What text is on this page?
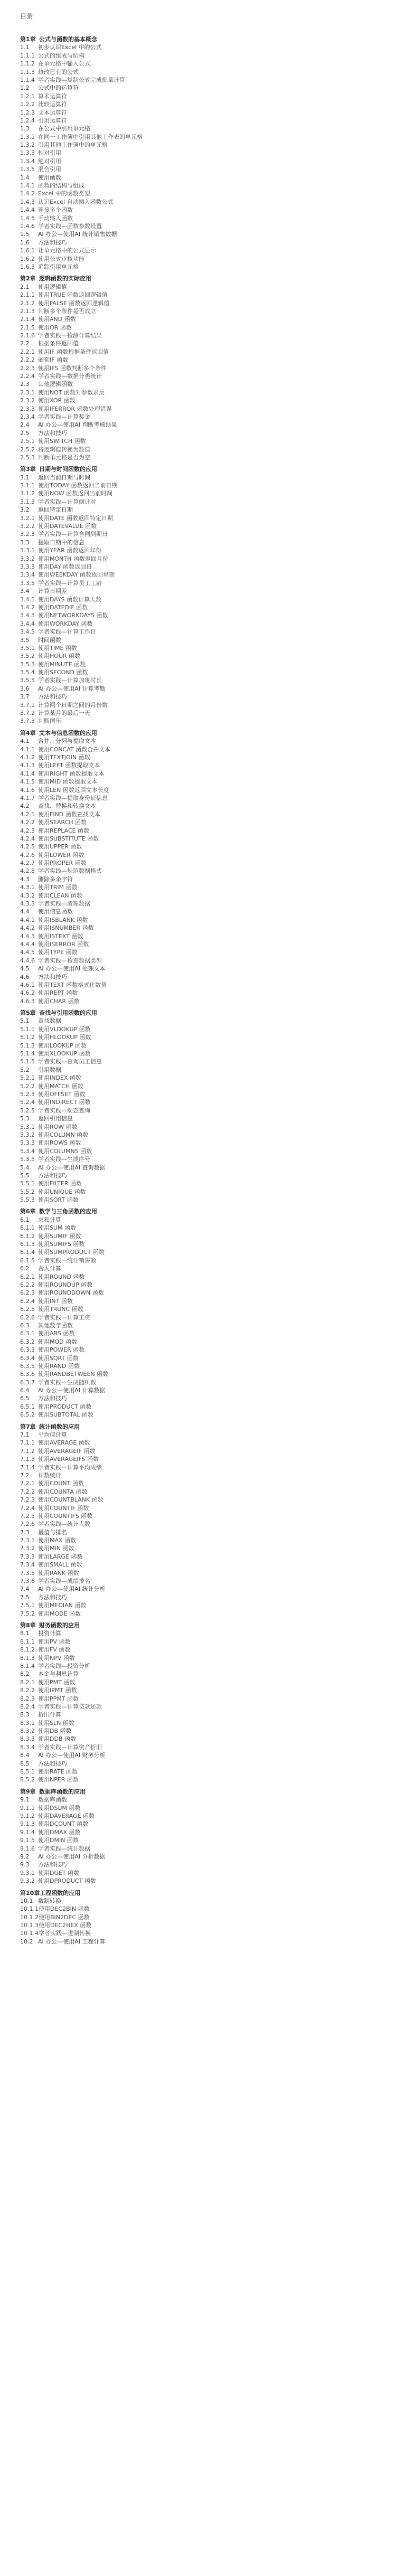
目录
第1章 公式与函数的基本概念
1.1 初步认识Excel 中的公式
1.1.1 公式的组成与结构
1.1.2 在单元格中输入公式
1.1.3 修改已有的公式
1.1.4 学者实践—复制公式完成批量计算
1.2 公式中的运算符
1.2.1 算术运算符
1.2.2 比较运算符
1.2.3 文本运算符
1.2.4 引用运算符
1.3 在公式中引用单元格
1.3.1 在同一工作簿中引用其他工作表的单元格
1.3.2 引用其他工作簿中的单元格
1.3.3 相对引用
1.3.4 绝对引用
1.3.5 混合引用
1.4 使用函数
1.4.1 函数的结构与组成
1.4.2 Excel 中的函数类型
1.4.3 认识Excel 自动插入函数公式
1.4.4 连接多个函数
1.4.5 手动输入函数
1.4.6 学者实践—函数参数设置
1.5 AI 办公—使用AI 统计销售数据
1.6 方法和技巧
1.6.1 让单元格中的公式显示
1.6.2 使用公式审核功能
1.6.3 追踪引用单元格
第2章 逻辑函数的实际应用
2.1 使用逻辑值
2.1.1 使用TRUE 函数返回逻辑值
2.1.2 使用FALSE 函数返回逻辑值
2.1.3 判断多个条件是否成立
2.1.4 使用AND 函数
2.1.5 使用OR 函数
2.1.6 学者实践—检测计算结果
2.2 根据条件返回值
2.2.1 使用IF 函数根据条件返回值
2.2.2 嵌套IF 函数
2.2.3 使用IFS 函数判断多个条件
2.2.4 学者实践—数据分类统计
2.3 其他逻辑函数
2.3.1 使用NOT 函数对参数求反
2.3.2 使用XOR 函数
2.3.3 使用IFERROR 函数处理错误
2.3.4 学者实践—计算奖金
2.4 AI 办公—使用AI 判断考核结果
2.5 方法和技巧
2.5.1 使用SWITCH 函数
2.5.2 将逻辑值转换为数值
2.5.3 判断单元格是否为空
第3章 日期与时间函数的应用
3.1 返回当前日期与时间
3.1.1 使用TODAY 函数返回当前日期
3.1.2 使用NOW 函数返回当前时间
3.1.3 学者实践—计算倒计时
3.2 返回特定日期
3.2.1 使用DATE 函数返回特定日期
3.2.2 使用DATEVALUE 函数
3.2.3 学者实践—计算合同到期日
3.3 提取日期中的信息
3.3.1 使用YEAR 函数返回年份
3.3.2 使用MONTH 函数返回月份
3.3.3 使用DAY 函数返回日
3.3.4 使用WEEKDAY 函数返回星期
3.3.5 学者实践—计算员工工龄
3.4 计算日期差
3.4.1 使用DAYS 函数计算天数
3.4.2 使用DATEDIF 函数
3.4.3 使用NETWORKDAYS 函数
3.4.4 使用WORKDAY 函数
3.4.5 学者实践—计算工作日
3.5 时间函数
3.5.1 使用TIME 函数
3.5.2 使用HOUR 函数
3.5.3 使用MINUTE 函数
3.5.4 使用SECOND 函数
3.5.5 学者实践—计算加班时长
3.6 AI 办公—使用AI 计算考勤
3.7 方法和技巧
3.7.1 计算两个日期之间的月份数
3.7.2 计算某月的最后一天
3.7.3 判断闰年
第4章 文本与信息函数的应用
4.1 合并、分列与提取文本
4.1.1 使用CONCAT 函数合并文本
4.1.2 使用TEXTJOIN 函数
4.1.3 使用LEFT 函数提取文本
4.1.4 使用RIGHT 函数提取文本
4.1.5 使用MID 函数提取文本
4.1.6 使用LEN 函数返回文本长度
4.1.7 学者实践—提取身份证信息
4.2 查找、替换和转换文本
4.2.1 使用FIND 函数查找文本
4.2.2 使用SEARCH 函数
4.2.3 使用REPLACE 函数
4.2.4 使用SUBSTITUTE 函数
4.2.5 使用UPPER 函数
4.2.6 使用LOWER 函数
4.2.7 使用PROPER 函数
4.2.8 学者实践—规范数据格式
4.3 删除多余字符
4.3.1 使用TRIM 函数
4.3.2 使用CLEAN 函数
4.3.3 学者实践—清理数据
4.4 使用信息函数
4.4.1 使用ISBLANK 函数
4.4.2 使用ISNUMBER 函数
4.4.3 使用ISTEXT 函数
4.4.4 使用ISERROR 函数
4.4.5 使用TYPE 函数
4.4.6 学者实践—检查数据类型
4.5 AI 办公—使用AI 处理文本
4.6 方法和技巧
4.6.1 使用TEXT 函数格式化数值
4.6.2 使用REPT 函数
4.6.3 使用CHAR 函数
第5章 查找与引用函数的应用
5.1 查找数据
5.1.1 使用VLOOKUP 函数
5.1.2 使用HLOOKUP 函数
5.1.3 使用LOOKUP 函数
5.1.4 使用XLOOKUP 函数
5.1.5 学者实践—查询员工信息
5.2 引用数据
5.2.1 使用INDEX 函数
5.2.2 使用MATCH 函数
5.2.3 使用OFFSET 函数
5.2.4 使用INDIRECT 函数
5.2.5 学者实践—动态查询
5.3 返回引用信息
5.3.1 使用ROW 函数
5.3.2 使用COLUMN 函数
5.3.3 使用ROWS 函数
5.3.4 使用COLUMNS 函数
5.3.5 学者实践—生成序号
5.4 AI 办公—使用AI 查询数据
5.5 方法和技巧
5.5.1 使用FILTER 函数
5.5.2 使用UNIQUE 函数
5.5.3 使用SORT 函数
第6章 数学与三角函数的应用
6.1 求和计算
6.1.1 使用SUM 函数
6.1.2 使用SUMIF 函数
6.1.3 使用SUMIFS 函数
6.1.4 使用SUMPRODUCT 函数
6.1.5 学者实践—统计销售额
6.2 舍入计算
6.2.1 使用ROUND 函数
6.2.2 使用ROUNDUP 函数
6.2.3 使用ROUNDDOWN 函数
6.2.4 使用INT 函数
6.2.5 使用TRUNC 函数
6.2.6 学者实践—计算工资
6.3 其他数学函数
6.3.1 使用ABS 函数
6.3.2 使用MOD 函数
6.3.3 使用POWER 函数
6.3.4 使用SQRT 函数
6.3.5 使用RAND 函数
6.3.6 使用RANDBETWEEN 函数
6.3.7 学者实践—生成随机数
6.4 AI 办公—使用AI 计算数据
6.5 方法和技巧
6.5.1 使用PRODUCT 函数
6.5.2 使用SUBTOTAL 函数
第7章 统计函数的应用
7.1 平均值计算
7.1.1 使用AVERAGE 函数
7.1.2 使用AVERAGEIF 函数
7.1.3 使用AVERAGEIFS 函数
7.1.4 学者实践—计算平均成绩
7.2 计数统计
7.2.1 使用COUNT 函数
7.2.2 使用COUNTA 函数
7.2.3 使用COUNTBLANK 函数
7.2.4 使用COUNTIF 函数
7.2.5 使用COUNTIFS 函数
7.2.6 学者实践—统计人数
7.3 最值与排名
7.3.1 使用MAX 函数
7.3.2 使用MIN 函数
7.3.3 使用LARGE 函数
7.3.4 使用SMALL 函数
7.3.5 使用RANK 函数
7.3.6 学者实践—成绩排名
7.4 AI 办公—使用AI 统计分析
7.5 方法和技巧
7.5.1 使用MEDIAN 函数
7.5.2 使用MODE 函数
第8章 财务函数的应用
8.1 投资计算
8.1.1 使用PV 函数
8.1.2 使用FV 函数
8.1.3 使用NPV 函数
8.1.4 学者实践—投资分析
8.2 本金与利息计算
8.2.1 使用PMT 函数
8.2.2 使用IPMT 函数
8.2.3 使用PPMT 函数
8.2.4 学者实践—计算贷款还款
8.3 折旧计算
8.3.1 使用SLN 函数
8.3.2 使用DB 函数
8.3.3 使用DDB 函数
8.3.4 学者实践—计算资产折旧
8.4 AI 办公—使用AI 财务分析
8.5 方法和技巧
8.5.1 使用RATE 函数
8.5.2 使用NPER 函数
第9章 数据库函数的应用
9.1 数据库函数
9.1.1 使用DSUM 函数
9.1.2 使用DAVERAGE 函数
9.1.3 使用DCOUNT 函数
9.1.4 使用DMAX 函数
9.1.5 使用DMIN 函数
9.1.6 学者实践—统计数据
9.2 AI 办公—使用AI 分析数据
9.3 方法和技巧
9.3.1 使用DGET 函数
9.3.2 使用DPRODUCT 函数
第10章工程函数的应用
10.1 数制转换
10.1.1使用DEC2BIN 函数
10.1.2使用BIN2DEC 函数
10.1.3使用DEC2HEX 函数
10.1.4学者实践—进制转换
10.2 AI 办公—使用AI 工程计算
